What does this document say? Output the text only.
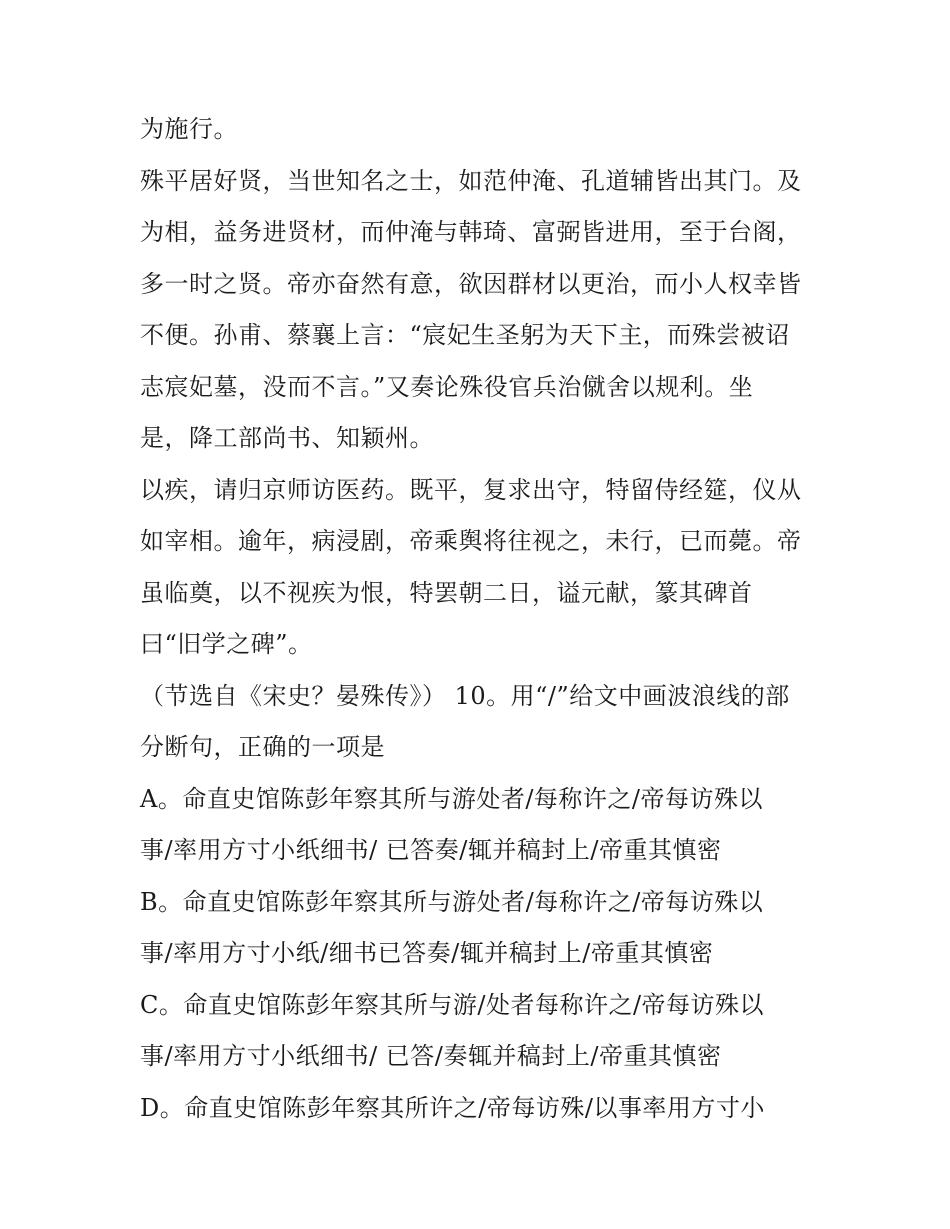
为施行。
殊平居好贤，当世知名之士，如范仲淹、孔道辅皆出其门。及
为相，益务进贤材，而仲淹与韩琦、富弼皆进用，至于台阁，
多一时之贤。帝亦奋然有意，欲因群材以更治，而小人权幸皆
不便。孙甫、蔡襄上言：“宸妃生圣躬为天下主，而殊尝被诏
志宸妃墓，没而不言。”又奏论殊役官兵治僦舍以规利。坐
是，降工部尚书、知颖州。
以疾，请归京师访医药。既平，复求出守，特留侍经筵，仪从
如宰相。逾年，病浸剧，帝乘舆将往视之，未行，已而薨。帝
虽临奠，以不视疾为恨，特罢朝二日，谥元献，篆其碑首
曰“旧学之碑”。
（节选自《宋史？晏殊传》） 10。用“/”给文中画波浪线的部
分断句，正确的一项是
A。命直史馆陈彭年察其所与游处者/每称许之/帝每访殊以
事/率用方寸小纸细书/ 已答奏/辄并稿封上/帝重其慎密
B。命直史馆陈彭年察其所与游处者/每称许之/帝每访殊以
事/率用方寸小纸/细书已答奏/辄并稿封上/帝重其慎密
C。命直史馆陈彭年察其所与游/处者每称许之/帝每访殊以
事/率用方寸小纸细书/ 已答/奏辄并稿封上/帝重其慎密
D。命直史馆陈彭年察其所许之/帝每访殊/以事率用方寸小
